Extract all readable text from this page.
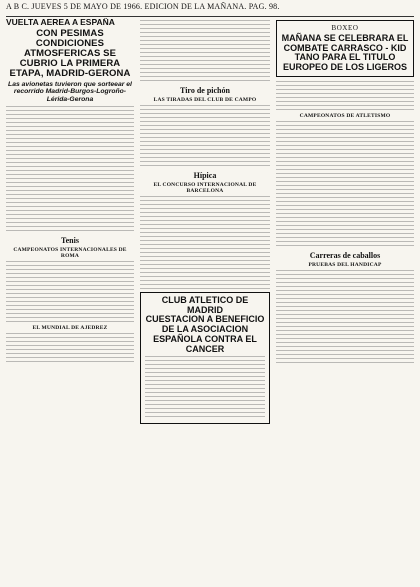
A B C. JUEVES 5 DE MAYO DE 1966. EDICION DE LA MAÑANA. PAG. 98.
VUELTA AEREA A ESPAÑA
CON PESIMAS CONDICIONES ATMOSFERICAS SE CUBRIO LA PRIMERA ETAPA, MADRID-GERONA
Las avionetas tuvieron que sorteear el recorrido Madrid-Burgos-Logroño-Lérida-Gerona
Tenis
CAMPEONATOS INTERNACIONALES DE ROMA
EL MUNDIAL DE AJEDREZ
Tiro de pichón
LAS TIRADAS DEL CLUB DE CAMPO
Hípica
EL CONCURSO INTERNACIONAL DE BARCELONA
CLUB ATLETICO DE MADRID
CUESTACION A BENEFICIO DE LA ASOCIACION ESPAÑOLA CONTRA EL CANCER
BOXEO
MAÑANA SE CELEBRARA EL COMBATE CARRASCO - KID TANO PARA EL TITULO EUROPEO DE LOS LIGEROS
CAMPEONATOS DE ATLETISMO
Carreras de caballos
PRUEBAS DEL HANDICAP
